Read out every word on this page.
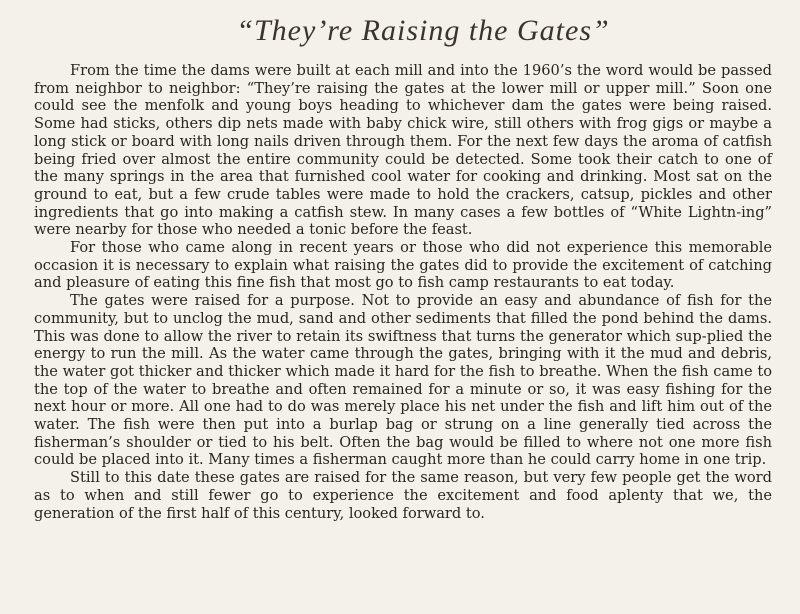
“They’re Raising the Gates”

From the time the dams were built at each mill and into the 1960’s the word would be passed from neighbor to neighbor: “They’re raising the gates at the lower mill or upper mill.” Soon one could see the menfolk and young boys heading to whichever dam the gates were being raised. Some had sticks, others dip nets made with baby chick wire, still others with frog gigs or maybe a long stick or board with long nails driven through them. For the next few days the aroma of catfish being fried over almost the entire community could be detected. Some took their catch to one of the many springs in the area that furnished cool water for cooking and drinking. Most sat on the ground to eat, but a few crude tables were made to hold the crackers, catsup, pickles and other ingredients that go into making a catfish stew. In many cases a few bottles of “White Lightn-ing” were nearby for those who needed a tonic before the feast.

For those who came along in recent years or those who did not experience this memorable occasion it is necessary to explain what raising the gates did to provide the excitement of catching and pleasure of eating this fine fish that most go to fish camp restaurants to eat today.

The gates were raised for a purpose. Not to provide an easy and abundance of fish for the community, but to unclog the mud, sand and other sediments that filled the pond behind the dams. This was done to allow the river to retain its swiftness that turns the generator which sup-plied the energy to run the mill. As the water came through the gates, bringing with it the mud and debris, the water got thicker and thicker which made it hard for the fish to breathe. When the fish came to the top of the water to breathe and often remained for a minute or so, it was easy fishing for the next hour or more. All one had to do was merely place his net under the fish and lift him out of the water. The fish were then put into a burlap bag or strung on a line generally tied across the fisherman’s shoulder or tied to his belt. Often the bag would be filled to where not one more fish could be placed into it. Many times a fisherman caught more than he could carry home in one trip.

Still to this date these gates are raised for the same reason, but very few people get the word as to when and still fewer go to experience the excitement and food aplenty that we, the generation of the first half of this century, looked forward to.
